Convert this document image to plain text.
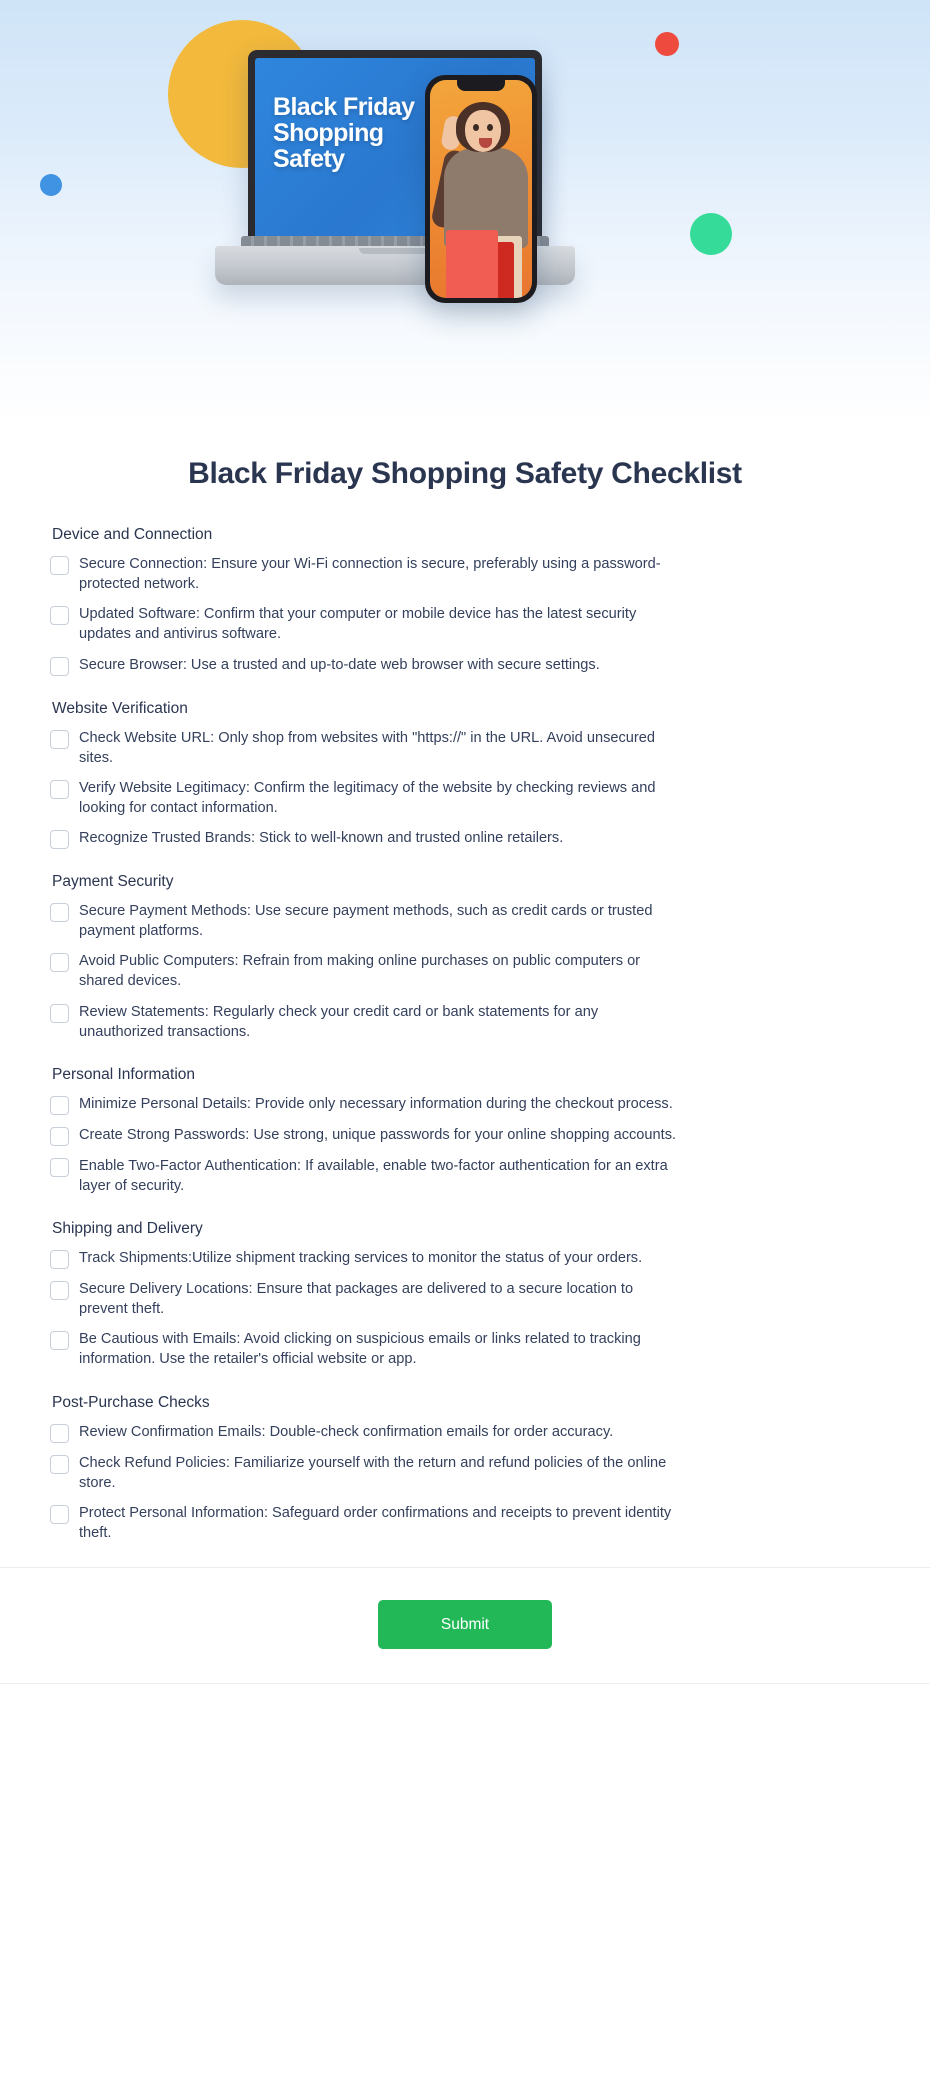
Black Friday
Shopping
Safety
Black Friday Shopping Safety Checklist
Device and Connection
Secure Connection: Ensure your Wi-Fi connection is secure, preferably using a password-protected network.
Updated Software: Confirm that your computer or mobile device has the latest security updates and antivirus software.
Secure Browser: Use a trusted and up-to-date web browser with secure settings.
Website Verification
Check Website URL: Only shop from websites with "https://" in the URL. Avoid unsecured sites.
Verify Website Legitimacy: Confirm the legitimacy of the website by checking reviews and looking for contact information.
Recognize Trusted Brands: Stick to well-known and trusted online retailers.
Payment Security
Secure Payment Methods: Use secure payment methods, such as credit cards or trusted payment platforms.
Avoid Public Computers: Refrain from making online purchases on public computers or shared devices.
Review Statements: Regularly check your credit card or bank statements for any unauthorized transactions.
Personal Information
Minimize Personal Details: Provide only necessary information during the checkout process.
Create Strong Passwords: Use strong, unique passwords for your online shopping accounts.
Enable Two-Factor Authentication: If available, enable two-factor authentication for an extra layer of security.
Shipping and Delivery
Track Shipments:Utilize shipment tracking services to monitor the status of your orders.
Secure Delivery Locations: Ensure that packages are delivered to a secure location to prevent theft.
Be Cautious with Emails: Avoid clicking on suspicious emails or links related to tracking information. Use the retailer's official website or app.
Post-Purchase Checks
Review Confirmation Emails: Double-check confirmation emails for order accuracy.
Check Refund Policies: Familiarize yourself with the return and refund policies of the online store.
Protect Personal Information: Safeguard order confirmations and receipts to prevent identity theft.
Submit
